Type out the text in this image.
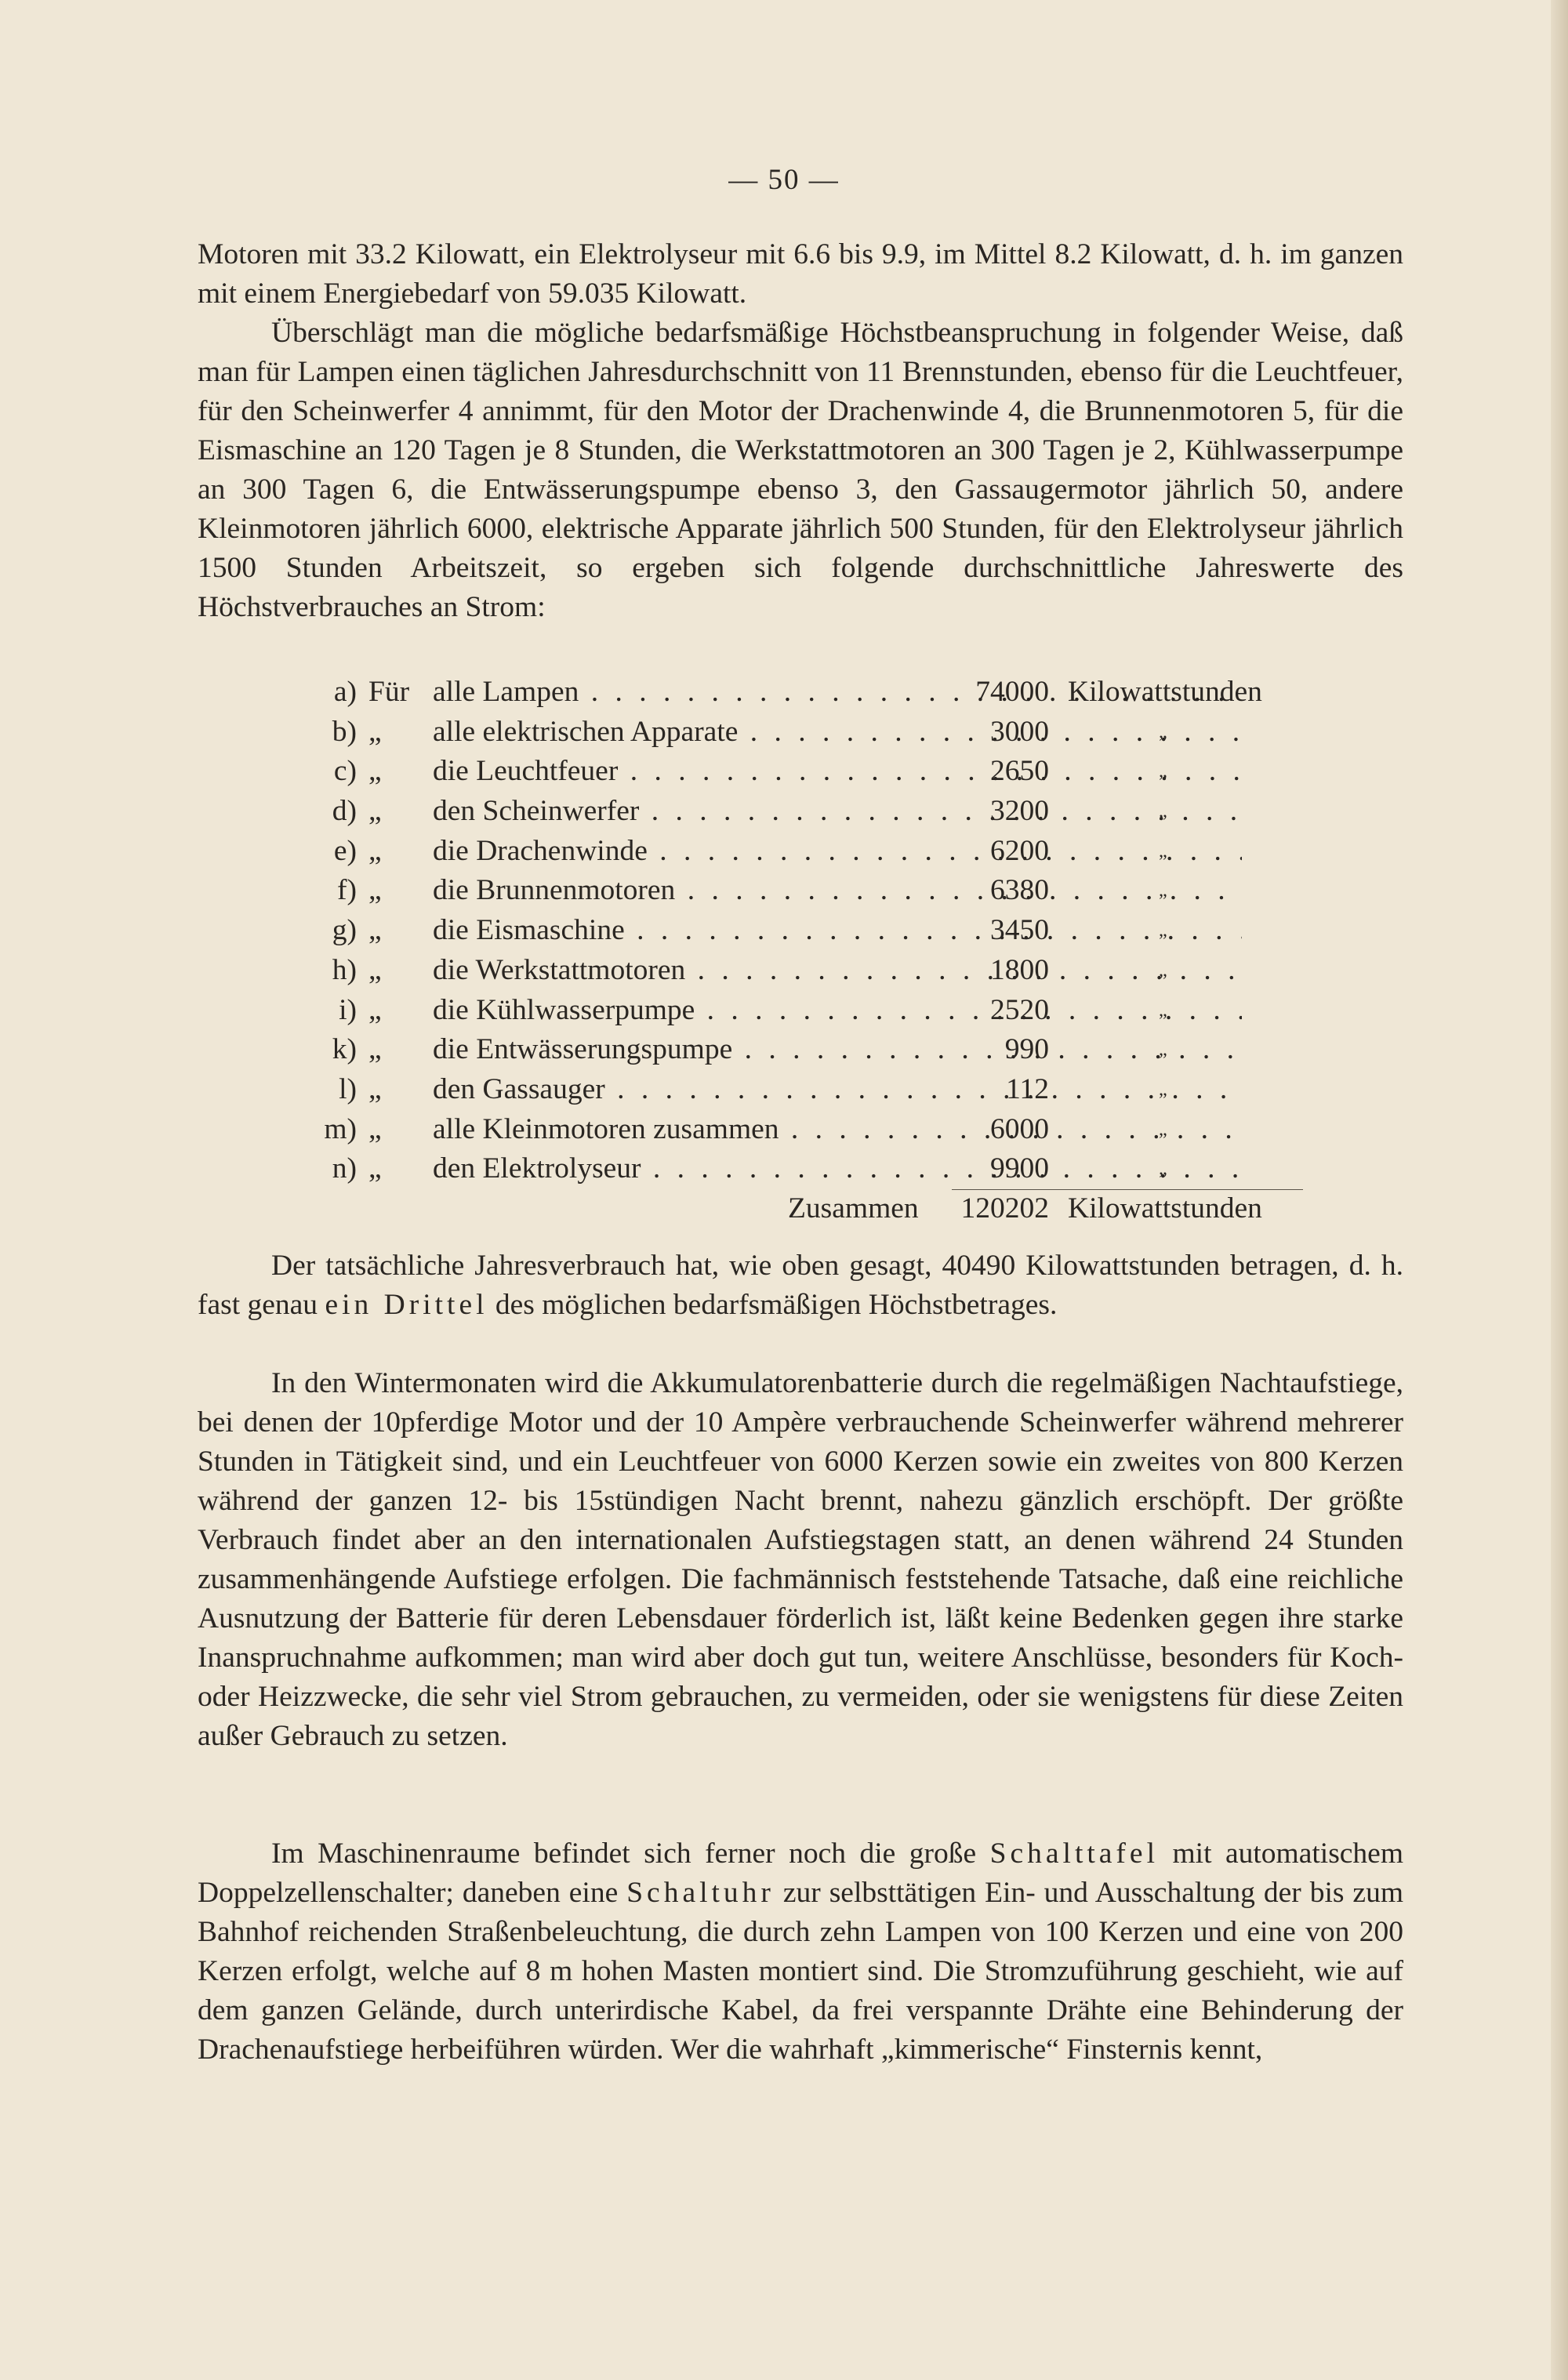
— 50 —

Motoren mit 33.2 Kilowatt, ein Elektrolyseur mit 6.6 bis 9.9, im Mittel 8.2 Kilowatt, d. h. im ganzen mit einem Energiebedarf von 59.035 Kilowatt.

Überschlägt man die mögliche bedarfsmäßige Höchstbeanspruchung in folgender Weise, daß man für Lampen einen täglichen Jahresdurchschnitt von 11 Brennstunden, ebenso für die Leuchtfeuer, für den Scheinwerfer 4 annimmt, für den Motor der Drachenwinde 4, die Brunnenmotoren 5, für die Eismaschine an 120 Tagen je 8 Stunden, die Werkstattmotoren an 300 Tagen je 2, Kühlwasserpumpe an 300 Tagen 6, die Entwässerungspumpe ebenso 3, den Gassaugermotor jährlich 50, andere Kleinmotoren jährlich 6000, elektrische Apparate jährlich 500 Stunden, für den Elektrolyseur jährlich 1500 Stunden Arbeitszeit, so ergeben sich folgende durchschnittliche Jahreswerte des Höchstverbrauches an Strom:

a) Für alle Lampen . . .	74000 Kilowattstunden
b) „ alle elektrischen Apparate . . .	3000	„
c) „ die Leuchtfeuer . . .	2650	„
d) „ den Scheinwerfer . . .	3200	„
e) „ die Drachenwinde . . .	6200	„
f) „ die Brunnenmotoren . . .	6380	„
g) „ die Eismaschine . . .	3450	„
h) „ die Werkstattmotoren . . .	1800	„
i) „ die Kühlwasserpumpe . . .	2520	„
k) „ die Entwässerungspumpe . . .	990	„
l) „ den Gassauger . . .	112	„
m) „ alle Kleinmotoren zusammen . . .	6000	„
n) „ den Elektrolyseur . . .	9900	„
Zusammen	120202 Kilowattstunden

Der tatsächliche Jahresverbrauch hat, wie oben gesagt, 40490 Kilowattstunden betragen, d. h. fast genau ein Drittel des möglichen bedarfsmäßigen Höchstbetrages.

In den Wintermonaten wird die Akkumulatorenbatterie durch die regelmäßigen Nachtaufstiege, bei denen der 10pferdige Motor und der 10 Ampère verbrauchende Scheinwerfer während mehrerer Stunden in Tätigkeit sind, und ein Leuchtfeuer von 6000 Kerzen sowie ein zweites von 800 Kerzen während der ganzen 12- bis 15stündigen Nacht brennt, nahezu gänzlich erschöpft. Der größte Verbrauch findet aber an den internationalen Aufstiegstagen statt, an denen während 24 Stunden zusammenhängende Aufstiege erfolgen. Die fachmännisch feststehende Tatsache, daß eine reichliche Ausnutzung der Batterie für deren Lebensdauer förderlich ist, läßt keine Bedenken gegen ihre starke Inanspruchnahme aufkommen; man wird aber doch gut tun, weitere Anschlüsse, besonders für Koch- oder Heizzwecke, die sehr viel Strom gebrauchen, zu vermeiden, oder sie wenigstens für diese Zeiten außer Gebrauch zu setzen.

Im Maschinenraume befindet sich ferner noch die große Schalttafel mit automatischem Doppelzellenschalter; daneben eine Schaltuhr zur selbsttätigen Ein- und Ausschaltung der bis zum Bahnhof reichenden Straßenbeleuchtung, die durch zehn Lampen von 100 Kerzen und eine von 200 Kerzen erfolgt, welche auf 8 m hohen Masten montiert sind. Die Stromzuführung geschieht, wie auf dem ganzen Gelände, durch unterirdische Kabel, da frei verspannte Drähte eine Behinderung der Drachenaufstiege herbeiführen würden. Wer die wahrhaft „kimmerische“ Finsternis kennt,
